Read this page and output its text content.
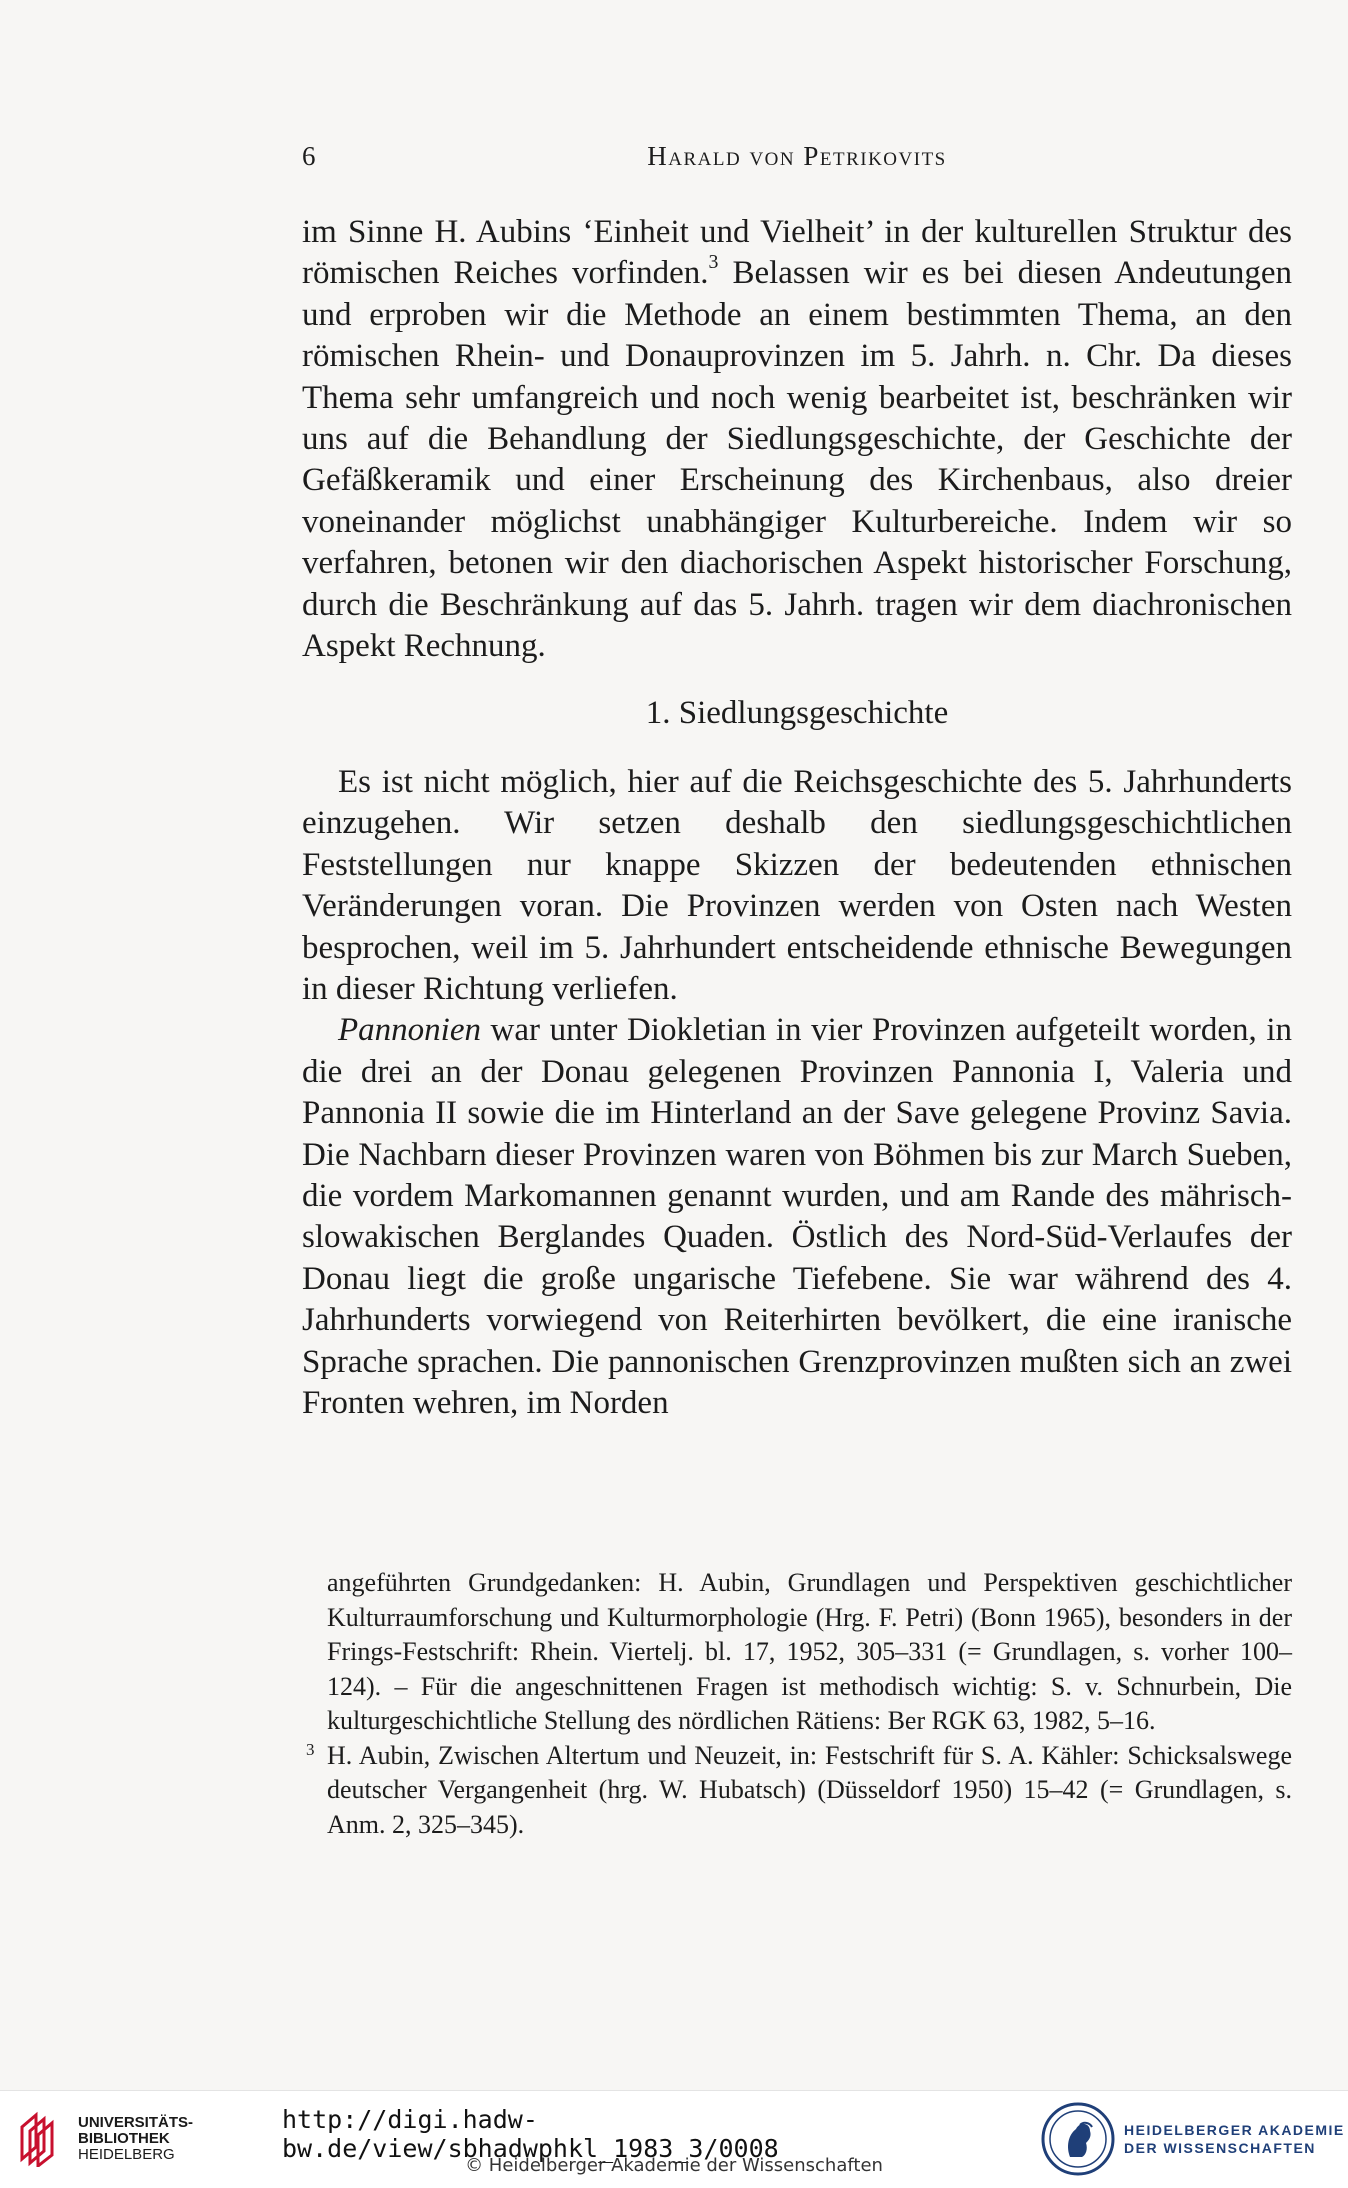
6	Harald von Petrikovits

im Sinne H. Aubins ‘Einheit und Vielheit’ in der kulturellen Struktur des römischen Reiches vorfinden.$^3$ Belassen wir es bei diesen Andeutungen und erproben wir die Methode an einem bestimmten Thema, an den römischen Rhein- und Donauprovinzen im 5. Jahrh. n. Chr. Da dieses Thema sehr umfangreich und noch wenig bearbeitet ist, beschränken wir uns auf die Behandlung der Siedlungsgeschichte, der Geschichte der Gefäßkeramik und einer Erscheinung des Kirchenbaus, also dreier voneinander möglichst unabhängiger Kulturbereiche. Indem wir so verfahren, betonen wir den diachorischen Aspekt historischer Forschung, durch die Beschränkung auf das 5. Jahrh. tragen wir dem diachronischen Aspekt Rechnung.

1. Siedlungsgeschichte

Es ist nicht möglich, hier auf die Reichsgeschichte des 5. Jahrhunderts einzugehen. Wir setzen deshalb den siedlungsgeschichtlichen Feststellungen nur knappe Skizzen der bedeutenden ethnischen Veränderungen voran. Die Provinzen werden von Osten nach Westen besprochen, weil im 5. Jahrhundert entscheidende ethnische Bewegungen in dieser Richtung verliefen.

Pannonien war unter Diokletian in vier Provinzen aufgeteilt worden, in die drei an der Donau gelegenen Provinzen Pannonia I, Valeria und Pannonia II sowie die im Hinterland an der Save gelegene Provinz Savia. Die Nachbarn dieser Provinzen waren von Böhmen bis zur March Sueben, die vordem Markomannen genannt wurden, und am Rande des mährisch-slowakischen Berglandes Quaden. Östlich des Nord-Süd-Verlaufes der Donau liegt die große ungarische Tiefebene. Sie war während des 4. Jahrhunderts vorwiegend von Reiterhirten bevölkert, die eine iranische Sprache sprachen. Die pannonischen Grenzprovinzen mußten sich an zwei Fronten wehren, im Norden

angeführten Grundgedanken: H. Aubin, Grundlagen und Perspektiven geschichtlicher Kulturraumforschung und Kulturmorphologie (Hrg. F. Petri) (Bonn 1965), besonders in der Frings-Festschrift: Rhein. Viertelj. bl. 17, 1952, 305–331 (= Grundlagen, s. vorher 100–124). – Für die angeschnittenen Fragen ist methodisch wichtig: S. v. Schnurbein, Die kulturgeschichtliche Stellung des nördlichen Rätiens: Ber RGK 63, 1982, 5–16.

3 H. Aubin, Zwischen Altertum und Neuzeit, in: Festschrift für S. A. Kähler: Schicksalswege deutscher Vergangenheit (hrg. W. Hubatsch) (Düsseldorf 1950) 15–42 (= Grundlagen, s. Anm. 2, 325–345).

UNIVERSITÄTS-
BIBLIOTHEK
HEIDELBERG
http://digi.hadw-bw.de/view/sbhadwphkl_1983_3/0008
© Heidelberger Akademie der Wissenschaften
HEIDELBERGER AKADEMIE
DER WISSENSCHAFTEN
